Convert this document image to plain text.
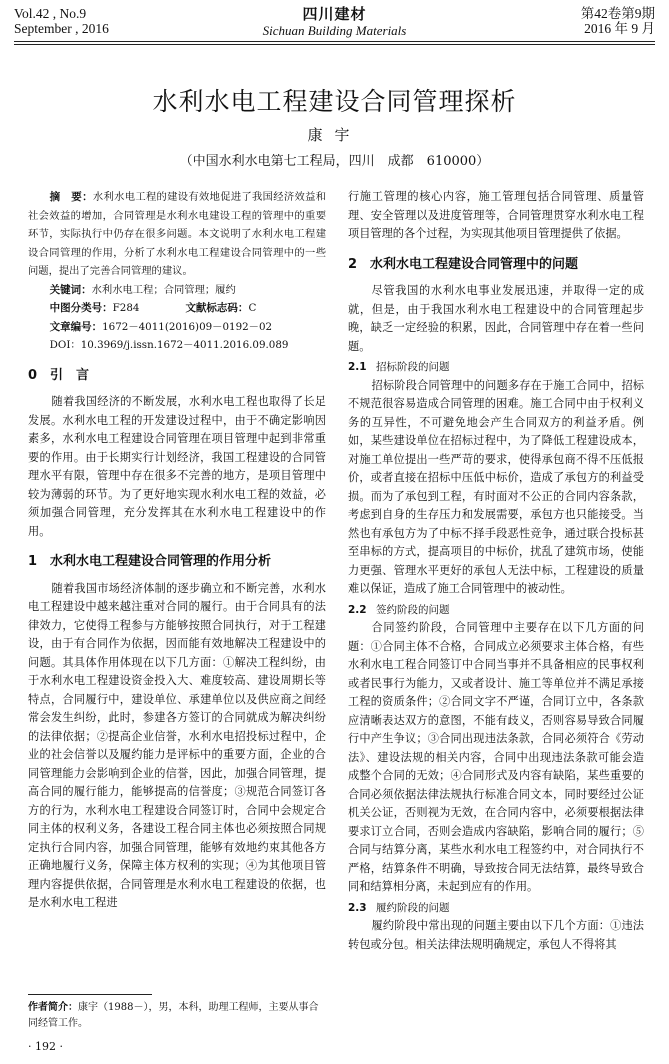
Vol.42 , No.9
September , 2016
四川建材
Sichuan Building Materials
第42卷第9期
2016 年 9 月
水利水电工程建设合同管理探析
康宇
（中国水利水电第七工程局，四川　成都　610000）

摘　要：水利水电工程的建设有效地促进了我国经济效益和社会效益的增加，合同管理是水利水电建设工程的管理中的重要环节，实际执行中仍存在很多问题。本文说明了水利水电工程建设合同管理的作用，分析了水利水电工程建设合同管理中的一些问题，提出了完善合同管理的建议。

关键词：水利水电工程；合同管理；履约

中图分类号：F284	文献标志码：C

文章编号：1672－4011(2016)09－0192－02

DOI：10.3969/j.issn.1672－4011.2016.09.089

0 引　言

随着我国经济的不断发展，水利水电工程也取得了长足发展。水利水电工程的开发建设过程中，由于不确定影响因素多，水利水电工程建设合同管理在项目管理中起到非常重要的作用。由于长期实行计划经济，我国工程建设的合同管理水平有限，管理中存在很多不完善的地方，是项目管理中较为薄弱的环节。为了更好地实现水利水电工程的效益，必须加强合同管理，充分发挥其在水利水电工程建设中的作用。

1 水利水电工程建设合同管理的作用分析

随着我国市场经济体制的逐步确立和不断完善，水利水电工程建设中越来越注重对合同的履行。由于合同具有的法律效力，它使得工程参与方能够按照合同执行，对于工程建设，由于有合同作为依据，因而能有效地解决工程建设中的问题。其具体作用体现在以下几方面：①解决工程纠纷，由于水利水电工程建设资金投入大、难度较高、建设周期长等特点，合同履行中，建设单位、承建单位以及供应商之间经常会发生纠纷，此时，参建各方签订的合同就成为解决纠纷的法律依据；②提高企业信誉，水利水电招投标过程中，企业的社会信誉以及履约能力是评标中的重要方面，企业的合同管理能力会影响到企业的信誉，因此，加强合同管理，提高合同的履行能力，能够提高的信誉度；③规范合同签订各方的行为，水利水电工程建设合同签订时，合同中会规定合同主体的权利义务，各建设工程合同主体也必须按照合同规定执行合同内容，加强合同管理，能够有效地约束其他各方正确地履行义务，保障主体方权利的实现；④为其他项目管理内容提供依据，合同管理是水利水电工程建设的依据，也是水利水电工程进

行施工管理的核心内容，施工管理包括合同管理、质量管理、安全管理以及进度管理等，合同管理贯穿水利水电工程项目管理的各个过程，为实现其他项目管理提供了依据。

2 水利水电工程建设合同管理中的问题

尽管我国的水利水电事业发展迅速，并取得一定的成就，但是，由于我国水利水电工程建设中的合同管理起步晚，缺乏一定经验的积累，因此，合同管理中存在着一些问题。

2.1 招标阶段的问题

招标阶段合同管理中的问题多存在于施工合同中，招标不规范很容易造成合同管理的困难。施工合同中由于权利义务的互异性，不可避免地会产生合同双方的利益矛盾。例如，某些建设单位在招标过程中，为了降低工程建设成本，对施工单位提出一些严苛的要求，使得承包商不得不压低报价，或者直接在招标中压低中标价，造成了承包方的利益受损。而为了承包到工程，有时面对不公正的合同内容条款，考虑到自身的生存压力和发展需要，承包方也只能接受。当然也有承包方为了中标不择手段恶性竞争，通过联合投标甚至串标的方式，提高项目的中标价，扰乱了建筑市场，使能力更强、管理水平更好的承包人无法中标，工程建设的质量难以保证，造成了施工合同管理中的被动性。

2.2 签约阶段的问题

合同签约阶段，合同管理中主要存在以下几方面的问题：①合同主体不合格，合同成立必须要求主体合格，有些水利水电工程合同签订中合同当事并不具备相应的民事权利或者民事行为能力，又或者设计、施工等单位并不满足承接工程的资质条件；②合同文字不严谨，合同订立中，各条款应清晰表达双方的意图，不能有歧义，否则容易导致合同履行中产生争议；③合同出现违法条款，合同必须符合《劳动法》、建设法规的相关内容，合同中出现违法条款可能会造成整个合同的无效；④合同形式及内容有缺陷，某些重要的合同必须依据法律法规执行标准合同文本，同时要经过公证机关公证，否则视为无效，在合同内容中，必须要根据法律要求订立合同，否则会造成内容缺陷，影响合同的履行；⑤合同与结算分离，某些水利水电工程签约中，对合同执行不严格，结算条件不明确，导致按合同无法结算，最终导致合同和结算相分离，未起到应有的作用。

2.3 履约阶段的问题

履约阶段中常出现的问题主要由以下几个方面：①违法转包或分包。相关法律法规明确规定，承包人不得将其

作者简介：康宇（1988－），男，本科，助理工程师，主要从事合同经管工作。
· 192 ·
